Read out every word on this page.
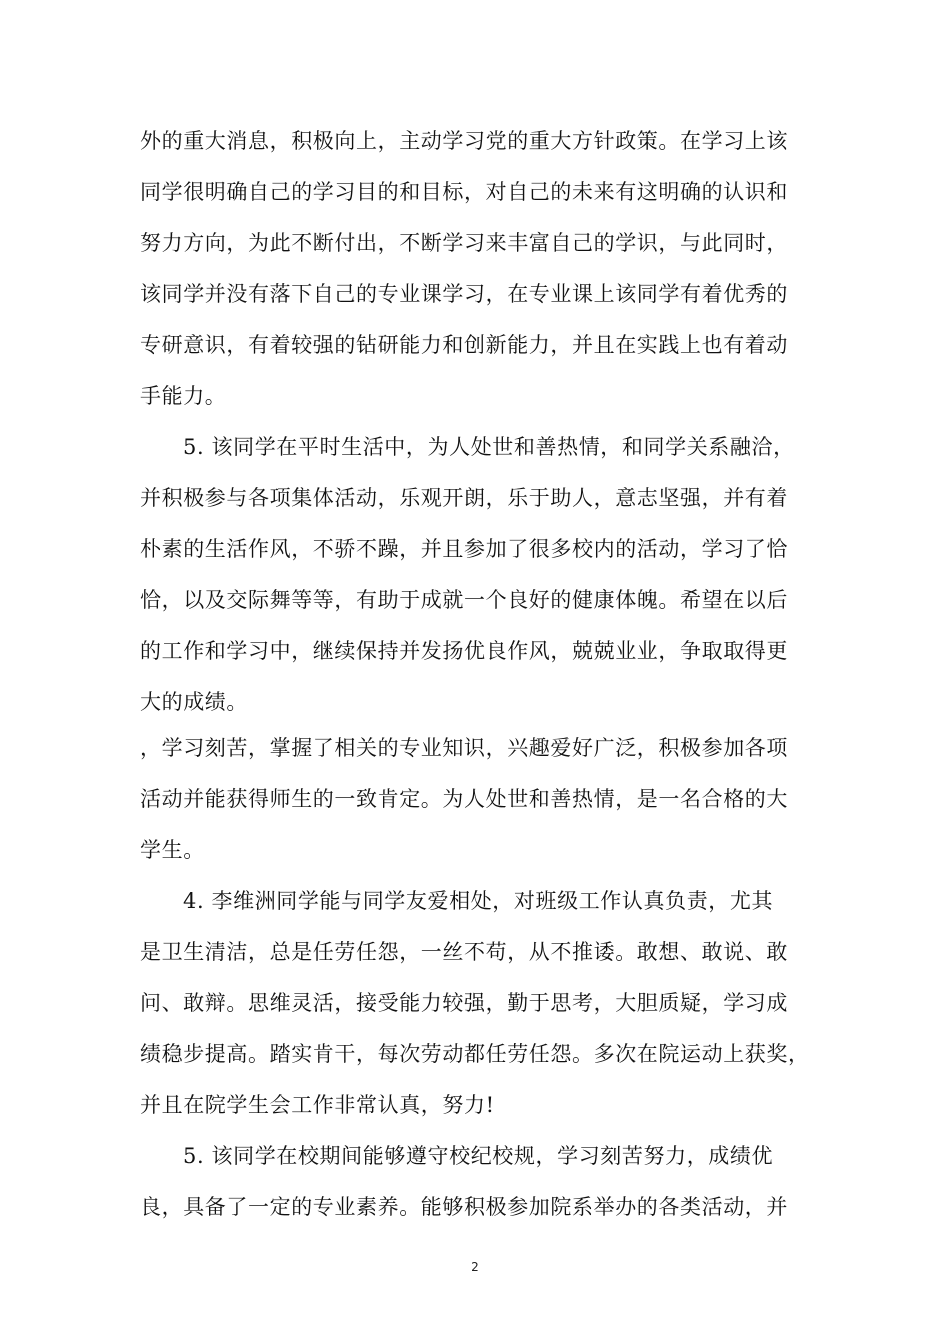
外的重大消息，积极向上，主动学习党的重大方针政策。在学习上该
同学很明确自己的学习目的和目标，对自己的未来有这明确的认识和
努力方向，为此不断付出，不断学习来丰富自己的学识，与此同时，
该同学并没有落下自己的专业课学习，在专业课上该同学有着优秀的
专研意识，有着较强的钻研能力和创新能力，并且在实践上也有着动
手能力。
5. 该同学在平时生活中，为人处世和善热情，和同学关系融洽，
并积极参与各项集体活动，乐观开朗，乐于助人，意志坚强，并有着
朴素的生活作风，不骄不躁，并且参加了很多校内的活动，学习了恰
恰，以及交际舞等等，有助于成就一个良好的健康体魄。希望在以后
的工作和学习中，继续保持并发扬优良作风，兢兢业业，争取取得更
大的成绩。
，学习刻苦，掌握了相关的专业知识，兴趣爱好广泛，积极参加各项
活动并能获得师生的一致肯定。为人处世和善热情，是一名合格的大
学生。
4. 李维洲同学能与同学友爱相处，对班级工作认真负责，尤其
是卫生清洁，总是任劳任怨，一丝不苟，从不推诿。敢想、敢说、敢
问、敢辩。思维灵活，接受能力较强，勤于思考，大胆质疑，学习成
绩稳步提高。踏实肯干，每次劳动都任劳任怨。多次在院运动上获奖，
并且在院学生会工作非常认真，努力!
5. 该同学在校期间能够遵守校纪校规，学习刻苦努力，成绩优
良，具备了一定的专业素养。能够积极参加院系举办的各类活动，并
2
